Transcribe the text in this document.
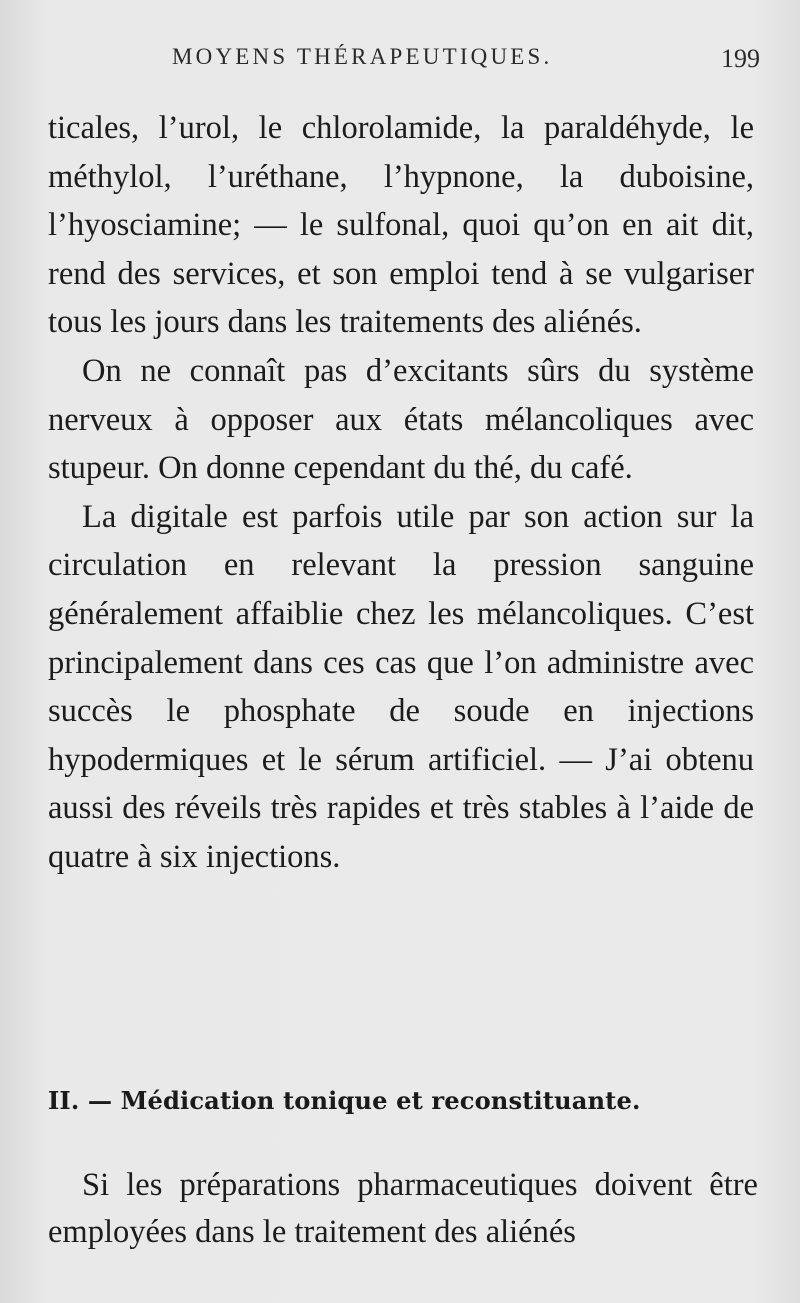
MOYENS THÉRAPEUTIQUES.	199

ticales, l’urol, le chlorolamide, la paraldéhyde, le méthylol, l’uréthane, l’hypnone, la duboisine, l’hyosciamine; — le sulfonal, quoi qu’on en ait dit, rend des services, et son emploi tend à se vulgariser tous les jours dans les traitements des aliénés.

On ne connaît pas d’excitants sûrs du système nerveux à opposer aux états mélancoliques avec stupeur. On donne cependant du thé, du café.

La digitale est parfois utile par son action sur la circulation en relevant la pression sanguine généralement affaiblie chez les mélancoliques. C’est principalement dans ces cas que l’on administre avec succès le phosphate de soude en injections hypodermiques et le sérum artificiel. — J’ai obtenu aussi des réveils très rapides et très stables à l’aide de quatre à six injections.

II. — Médication tonique et reconstituante.

Si les préparations pharmaceutiques doivent être employées dans le traitement des aliénés
